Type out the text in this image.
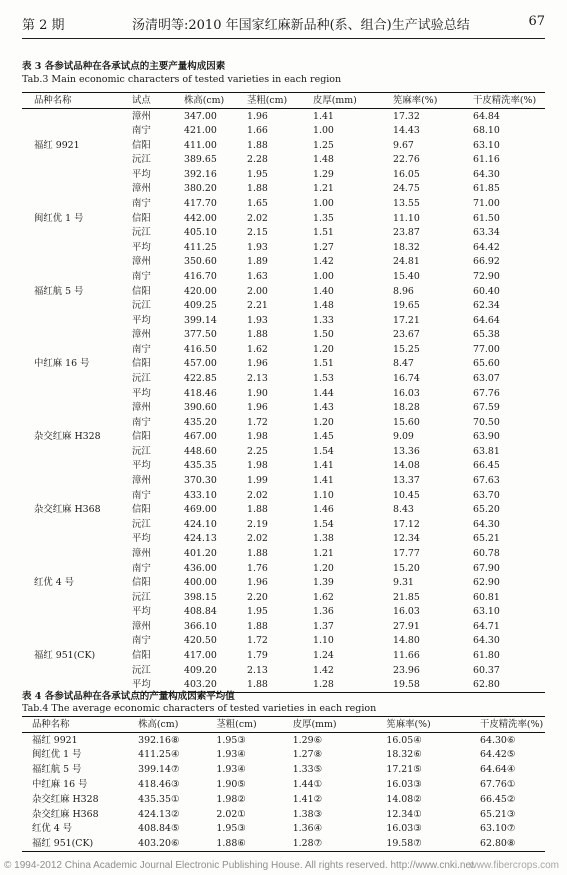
第 2 期	汤清明等:2010 年国家红麻新品种(系、组合)生产试验总结	67
表 3 各参试品种在各承试点的主要产量构成因素
Tab.3 Main economic characters of tested varieties in each region
品种名称	试点	株高(cm)	茎粗(cm)	皮厚(mm)	筅麻率(%)	干皮精洗率(%)
福红 9921	漳州	347.00	1.96	1.41	17.32	64.84
	南宁	421.00	1.66	1.00	14.43	68.10
	信阳	411.00	1.88	1.25	9.67	63.10
	沅江	389.65	2.28	1.48	22.76	61.16
	平均	392.16	1.95	1.29	16.05	64.30
闽红优 1 号	漳州	380.20	1.88	1.21	24.75	61.85
	南宁	417.70	1.65	1.00	13.55	71.00
	信阳	442.00	2.02	1.35	11.10	61.50
	沅江	405.10	2.15	1.51	23.87	63.34
	平均	411.25	1.93	1.27	18.32	64.42
福红航 5 号	漳州	350.60	1.89	1.42	24.81	66.92
	南宁	416.70	1.63	1.00	15.40	72.90
	信阳	420.00	2.00	1.40	8.96	60.40
	沅江	409.25	2.21	1.48	19.65	62.34
	平均	399.14	1.93	1.33	17.21	64.64
中红麻 16 号	漳州	377.50	1.88	1.50	23.67	65.38
	南宁	416.50	1.62	1.20	15.25	77.00
	信阳	457.00	1.96	1.51	8.47	65.60
	沅江	422.85	2.13	1.53	16.74	63.07
	平均	418.46	1.90	1.44	16.03	67.76
杂交红麻 H328	漳州	390.60	1.96	1.43	18.28	67.59
	南宁	435.20	1.72	1.20	15.60	70.50
	信阳	467.00	1.98	1.45	9.09	63.90
	沅江	448.60	2.25	1.54	13.36	63.81
	平均	435.35	1.98	1.41	14.08	66.45
杂交红麻 H368	漳州	370.30	1.99	1.41	13.37	67.63
	南宁	433.10	2.02	1.10	10.45	63.70
	信阳	469.00	1.88	1.46	8.43	65.20
	沅江	424.10	2.19	1.54	17.12	64.30
	平均	424.13	2.02	1.38	12.34	65.21
红优 4 号	漳州	401.20	1.88	1.21	17.77	60.78
	南宁	436.00	1.76	1.20	15.20	67.90
	信阳	400.00	1.96	1.39	9.31	62.90
	沅江	398.15	2.20	1.62	21.85	60.81
	平均	408.84	1.95	1.36	16.03	63.10
福红 951(CK)	漳州	366.10	1.88	1.37	27.91	64.71
	南宁	420.50	1.72	1.10	14.80	64.30
	信阳	417.00	1.79	1.24	11.66	61.80
	沅江	409.20	2.13	1.42	23.96	60.37
	平均	403.20	1.88	1.28	19.58	62.80
表 4 各参试品种在各承试点的产量构成因素平均值
Tab.4 The average economic characters of tested varieties in each region
品种名称	株高(cm)	茎粗(cm)	皮厚(mm)	筅麻率(%)	干皮精洗率(%)
福红 9921	392.16⑧	1.95③	1.29⑥	16.05④	64.30⑥
闽红优 1 号	411.25④	1.93④	1.27⑧	18.32⑥	64.42⑤
福红航 5 号	399.14⑦	1.93④	1.33⑤	17.21⑤	64.64④
中红麻 16 号	418.46③	1.90⑤	1.44①	16.03③	67.76①
杂交红麻 H328	435.35①	1.98②	1.41②	14.08②	66.45②
杂交红麻 H368	424.13②	2.02①	1.38③	12.34①	65.21③
红优 4 号	408.84⑤	1.95③	1.36④	16.03③	63.10⑦
福红 951(CK)	403.20⑥	1.88⑥	1.28⑦	19.58⑦	62.80⑧
© 1994-2012 China Academic Journal Electronic Publishing House. All rights reserved. http://www.cnki.net
www.fibercrops.com
